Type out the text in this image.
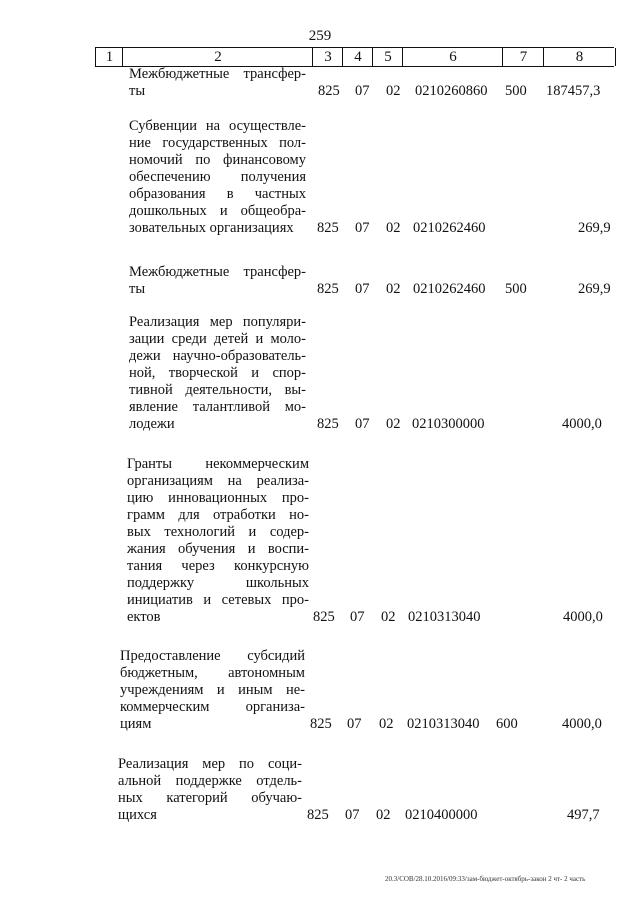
259
1	2	3	4	5	6	7	8
Межбюджетные трансфер-
ты	825 07 02 0210260860 500 187457,3
Субвенции на осуществле-
ние государственных пол-
номочий по финансовому
обеспечению получения
образования в частных
дошкольных и общеобра-
зовательных организациях	825 07 02 0210262460	269,9
Межбюджетные трансфер-
ты	825 07 02 0210262460 500	269,9
Реализация мер популяри-
зации среди детей и моло-
дежи научно-образователь-
ной, творческой и спор-
тивной деятельности, вы-
явление талантливой мо-
лодежи	825 07 02 0210300000	4000,0
Гранты некоммерческим
организациям на реализа-
цию инновационных про-
грамм для отработки но-
вых технологий и содер-
жания обучения и воспи-
тания через конкурсную
поддержку школьных
инициатив и сетевых про-
ектов	825 07 02 0210313040	4000,0
Предоставление субсидий
бюджетным, автономным
учреждениям и иным не-
коммерческим организа-
циям	825 07 02 0210313040 600	4000,0
Реализация мер по соци-
альной поддержке отдель-
ных категорий обучаю-
щихся	825 07 02 0210400000	497,7
20.3/СОВ/28.10.2016/09:33/зам-бюджет-октябрь-закон 2 чт- 2 часть
